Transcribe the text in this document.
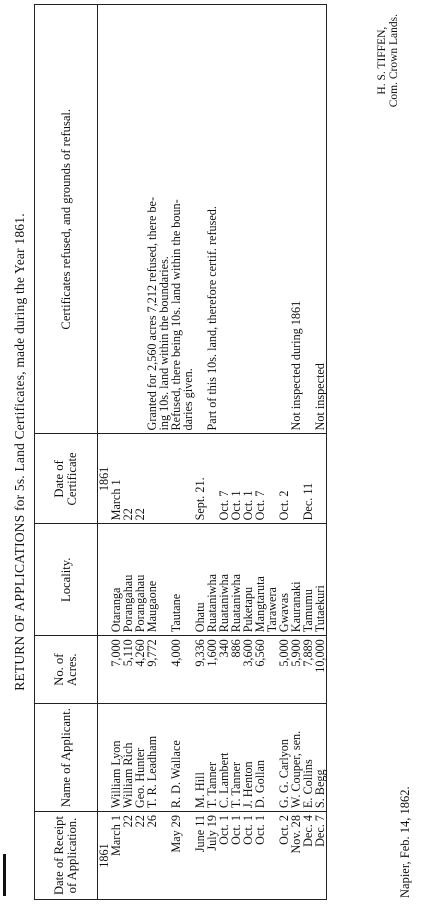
RETURN OF APPLICATIONS for 5s. Land Certificates, made during the Year 1861.
Date of Receipt of Application.	Name of Applicant.	No. of Acres.	Locality.	Date of Certificate	Certificates refused, and grounds of refusal.
1861				1861	
March 1	William Lyon	7,000	Otaranga	March 1	
22	William Rich	5,110	Porangahau	22	
22	Geo. Hunter	4,260	Porangahau	22	
26	T. R. Leadham	9,772	Maugaone		Granted for 2,560 acres 7,212 refused, there be-
					ing 10s. land within the boundaries.
May 29	R. D. Wallace	4,000	Tautane		Refused, there being 10s. land within the boun-
					daries given.
June 11	M. Hill	9,336	Ohatu	Sept. 21.	
July 19	T. Tanner	1,600	Ruataniwha		Part of this 10s. land, therefore certif. refused.
Oct. 1	C. Lambert	340	Ruataniwha	Oct. 7	
Oct. 1	T. Tanner	886	Ruataniwha	Oct. 1	
Oct. 1	J. Henton	3,600	Puketapu	Oct. 1	
Oct. 1	D. Gollan	6,560	Mangtaruta	Oct. 7	
			Tarawera		
Oct. 2	G. G. Carlyon	5,000	Gwavas	Oct. 2	
Nov. 28	W. Couper, sen.	5,900	Kauranaki		Not inspected during 1861
Dec. 4	E. Collins	7,889	Tamumu	Dec. 11	
Dec. 7	S. Begg	10,000	Tutaekuri		Not inspected
Napier, Feb. 14, 1862.
H. S. TIFFEN, Com. Crown Lands.
